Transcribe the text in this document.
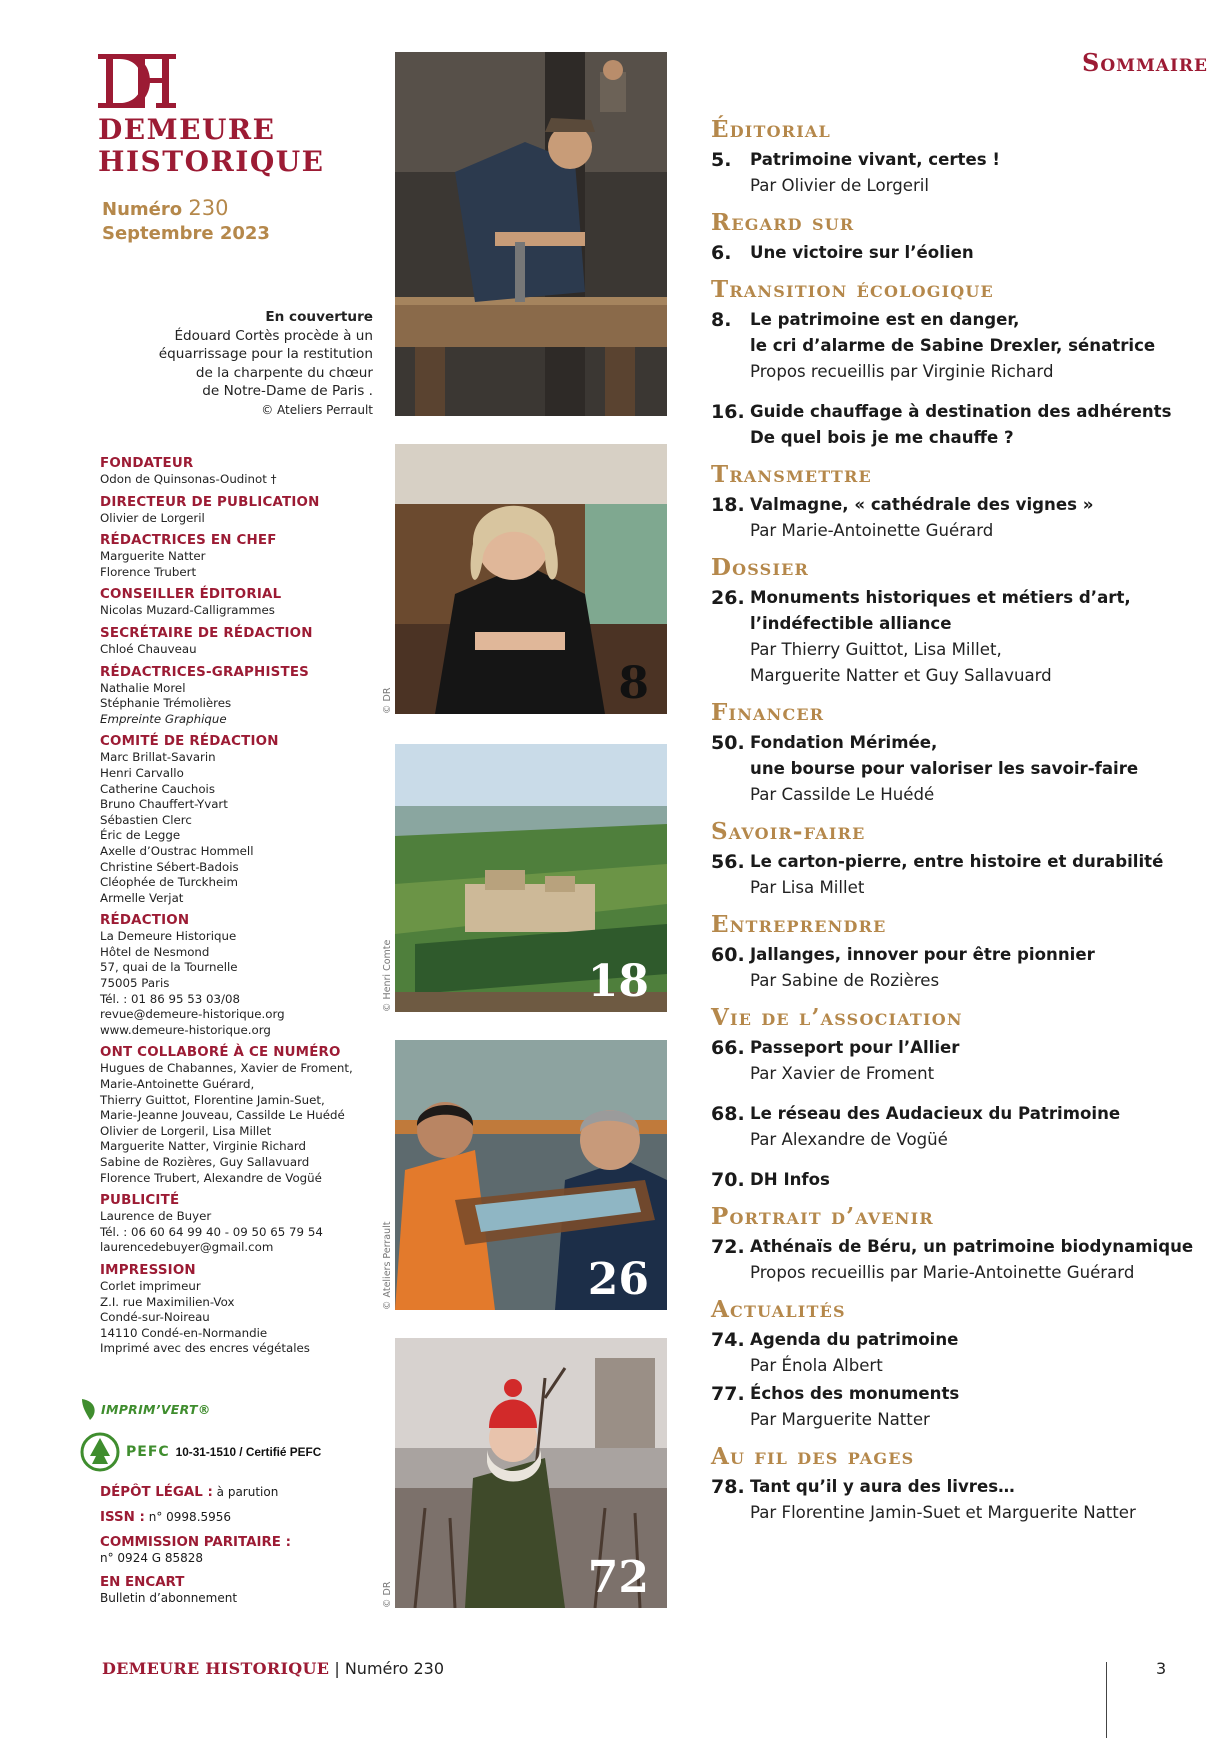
DEMEURE
HISTORIQUE
Numéro 230
Septembre 2023
En couverture
Édouard Cortès procède à un
équarrissage pour la restitution
de la charpente du chœur
de Notre-Dame de Paris .
© Ateliers Perrault
FONDATEUR
Odon de Quinsonas-Oudinot †
DIRECTEUR DE PUBLICATION
Olivier de Lorgeril
RÉDACTRICES EN CHEF
Marguerite Natter
Florence Trubert
CONSEILLER ÉDITORIAL
Nicolas Muzard-Calligrammes
SECRÉTAIRE DE RÉDACTION
Chloé Chauveau
RÉDACTRICES-GRAPHISTES
Nathalie Morel
Stéphanie Trémolières
Empreinte Graphique
COMITÉ DE RÉDACTION
Marc Brillat-Savarin
Henri Carvallo
Catherine Cauchois
Bruno Chauffert-Yvart
Sébastien Clerc
Éric de Legge
Axelle d’Oustrac Hommell
Christine Sébert-Badois
Cléophée de Turckheim
Armelle Verjat
RÉDACTION
La Demeure Historique
Hôtel de Nesmond
57, quai de la Tournelle
75005 Paris
Tél. : 01 86 95 53 03/08
revue@demeure-historique.org
www.demeure-historique.org
ONT COLLABORÉ À CE NUMÉRO
Hugues de Chabannes, Xavier de Froment,
Marie-Antoinette Guérard,
Thierry Guittot, Florentine Jamin-Suet,
Marie-Jeanne Jouveau, Cassilde Le Huédé
Olivier de Lorgeril, Lisa Millet
Marguerite Natter, Virginie Richard
Sabine de Rozières, Guy Sallavuard
Florence Trubert, Alexandre de Vogüé
PUBLICITÉ
Laurence de Buyer
Tél. : 06 60 64 99 40 - 09 50 65 79 54
laurencedebuyer@gmail.com
IMPRESSION
Corlet imprimeur
Z.I. rue Maximilien-Vox
Condé-sur-Noireau
14110 Condé-en-Normandie
Imprimé avec des encres végétales
IMPRIM’VERT®
PEFC 10-31-1510 / Certifié PEFC
DÉPÔT LÉGAL : à parution
ISSN : n° 0998.5956
COMMISSION PARITAIRE :
n° 0924 G 85828
EN ENCART
Bulletin d’abonnement
8
© DR
18
© Henri Comte
26
© Ateliers Perrault
72
© DR
Sommaire
Éditorial
5. Patrimoine vivant, certes !
Par Olivier de Lorgeril
Regard sur
6. Une victoire sur l’éolien
Transition écologique
8. Le patrimoine est en danger,
le cri d’alarme de Sabine Drexler, sénatrice
Propos recueillis par Virginie Richard
16. Guide chauffage à destination des adhérents
De quel bois je me chauffe ?
Transmettre
18. Valmagne, « cathédrale des vignes »
Par Marie-Antoinette Guérard
Dossier
26. Monuments historiques et métiers d’art,
l’indéfectible alliance
Par Thierry Guittot, Lisa Millet,
Marguerite Natter et Guy Sallavuard
Financer
50. Fondation Mérimée,
une bourse pour valoriser les savoir-faire
Par Cassilde Le Huédé
Savoir-faire
56. Le carton-pierre, entre histoire et durabilité
Par Lisa Millet
Entreprendre
60. Jallanges, innover pour être pionnier
Par Sabine de Rozières
Vie de l’association
66. Passeport pour l’Allier
Par Xavier de Froment
68. Le réseau des Audacieux du Patrimoine
Par Alexandre de Vogüé
70. DH Infos
Portrait d’avenir
72. Athénaïs de Béru, un patrimoine biodynamique
Propos recueillis par Marie-Antoinette Guérard
Actualités
74. Agenda du patrimoine
Par Énola Albert
77. Échos des monuments
Par Marguerite Natter
Au fil des pages
78. Tant qu’il y aura des livres…
Par Florentine Jamin-Suet et Marguerite Natter
DEMEURE HISTORIQUE | Numéro 230	3
